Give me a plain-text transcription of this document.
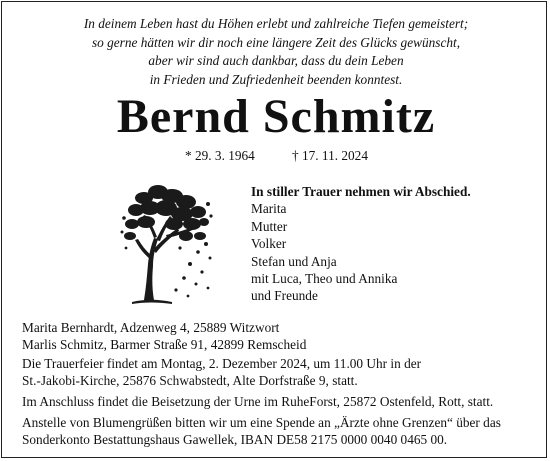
In deinem Leben hast du Höhen erlebt und zahlreiche Tiefen gemeistert;
so gerne hätten wir dir noch eine längere Zeit des Glücks gewünscht,
aber wir sind auch dankbar, dass du dein Leben
in Frieden und Zufriedenheit beenden konntest.
Bernd Schmitz
* 29. 3. 1964	† 17. 11. 2024
In stiller Trauer nehmen wir Abschied.
Marita
Mutter
Volker
Stefan und Anja
mit Luca, Theo und Annika
und Freunde
Marita Bernhardt, Adzenweg 4, 25889 Witzwort
Marlis Schmitz, Barmer Straße 91, 42899 Remscheid
Die Trauerfeier findet am Montag, 2. Dezember 2024, um 11.00 Uhr in der
St.-Jakobi-Kirche, 25876 Schwabstedt, Alte Dorfstraße 9, statt.
Im Anschluss findet die Beisetzung der Urne im RuheForst, 25872 Ostenfeld, Rott, statt.
Anstelle von Blumengrüßen bitten wir um eine Spende an „Ärzte ohne Grenzen“ über das
Sonderkonto Bestattungshaus Gawellek, IBAN DE58 2175 0000 0040 0465 00.
